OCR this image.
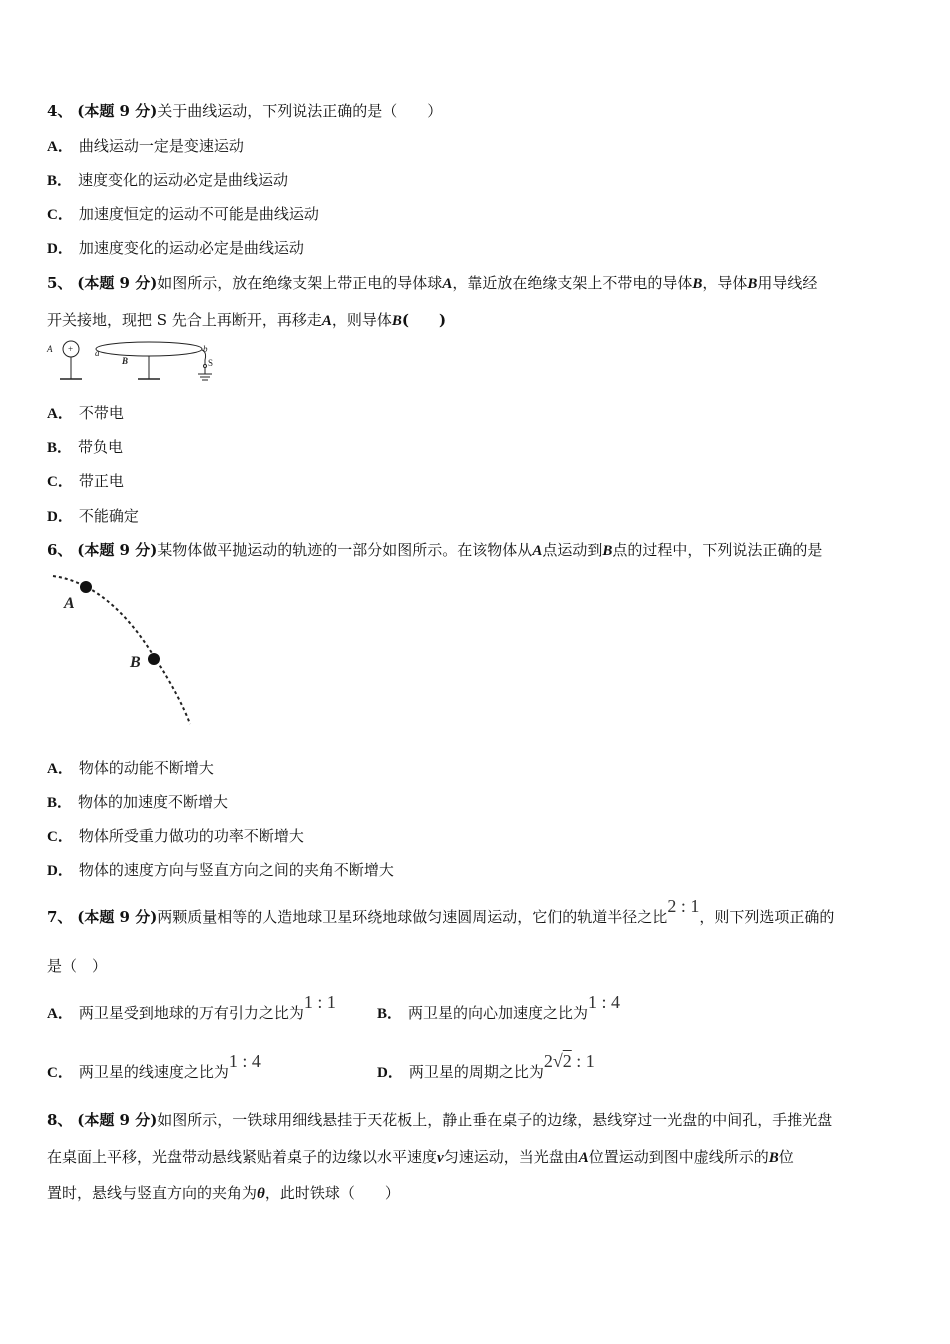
4、 (本题 9 分)关于曲线运动，下列说法正确的是（　　）
A． 曲线运动一定是变速运动
B． 速度变化的运动必定是曲线运动
C． 加速度恒定的运动不可能是曲线运动
D． 加速度变化的运动必定是曲线运动
5、 (本题 9 分)如图所示，放在绝缘支架上带正电的导体球A，靠近放在绝缘支架上不带电的导体B，导体B用导线经
开关接地，现把 S 先合上再断开，再移走A，则导体B(　　)
A + a
B
b
S
A． 不带电
B． 带负电
C． 带正电
D． 不能确定
6、 (本题 9 分)某物体做平抛运动的轨迹的一部分如图所示。在该物体从A点运动到B点的过程中，下列说法正确的是
A
B
A． 物体的动能不断增大
B． 物体的加速度不断增大
C． 物体所受重力做功的功率不断增大
D． 物体的速度方向与竖直方向之间的夹角不断增大
7、 (本题 9 分)两颗质量相等的人造地球卫星环绕地球做匀速圆周运动，它们的轨道半径之比2 : 1，则下列选项正确的
是（　）
A． 两卫星受到地球的万有引力之比为1 : 1
B． 两卫星的向心加速度之比为1 : 4
C． 两卫星的线速度之比为1 : 4
D． 两卫星的周期之比为2√2 : 1
8、 (本题 9 分)如图所示，一铁球用细线悬挂于天花板上，静止垂在桌子的边缘，悬线穿过一光盘的中间孔，手推光盘
在桌面上平移，光盘带动悬线紧贴着桌子的边缘以水平速度v匀速运动，当光盘由A位置运动到图中虚线所示的B位
置时，悬线与竖直方向的夹角为θ，此时铁球（　　）
